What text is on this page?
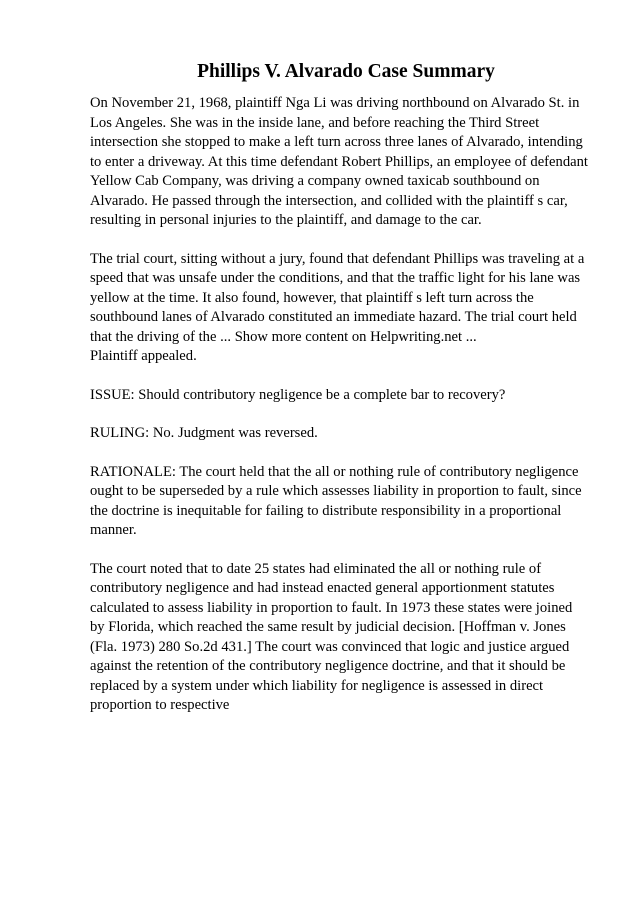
Phillips V. Alvarado Case Summary

On November 21, 1968, plaintiff Nga Li was driving northbound on Alvarado St. in
Los Angeles. She was in the inside lane, and before reaching the Third Street
intersection she stopped to make a left turn across three lanes of Alvarado, intending
to enter a driveway. At this time defendant Robert Phillips, an employee of defendant
Yellow Cab Company, was driving a company owned taxicab southbound on
Alvarado. He passed through the intersection, and collided with the plaintiff s car,
resulting in personal injuries to the plaintiff, and damage to the car.

The trial court, sitting without a jury, found that defendant Phillips was traveling at a
speed that was unsafe under the conditions, and that the traffic light for his lane was
yellow at the time. It also found, however, that plaintiff s left turn across the
southbound lanes of Alvarado constituted an immediate hazard. The trial court held
that the driving of the ... Show more content on Helpwriting.net ...
Plaintiff appealed.

ISSUE: Should contributory negligence be a complete bar to recovery?

RULING: No. Judgment was reversed.

RATIONALE: The court held that the all or nothing rule of contributory negligence
ought to be superseded by a rule which assesses liability in proportion to fault, since
the doctrine is inequitable for failing to distribute responsibility in a proportional
manner.

The court noted that to date 25 states had eliminated the all or nothing rule of
contributory negligence and had instead enacted general apportionment statutes
calculated to assess liability in proportion to fault. In 1973 these states were joined
by Florida, which reached the same result by judicial decision. [Hoffman v. Jones
(Fla. 1973) 280 So.2d 431.] The court was convinced that logic and justice argued
against the retention of the contributory negligence doctrine, and that it should be
replaced by a system under which liability for negligence is assessed in direct
proportion to respective
